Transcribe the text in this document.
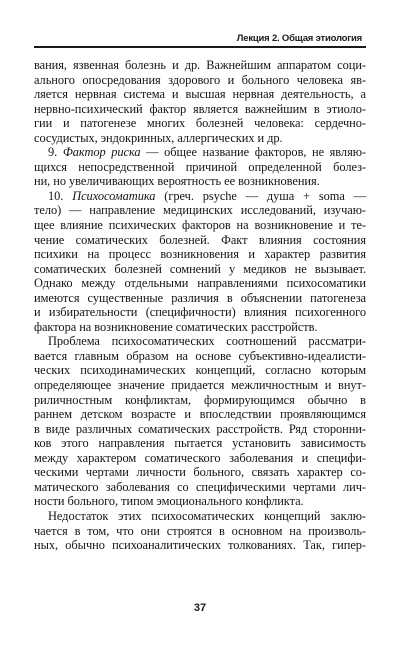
Лекция 2. Общая этиология
вания, язвенная болезнь и др. Важнейшим аппаратом соци-
ального опосредования здорового и больного человека яв-
ляется нервная система и высшая нервная деятельность, а
нервно-психический фактор является важнейшим в этиоло-
гии и патогенезе многих болезней человека: сердечно-
сосудистых, эндокринных, аллергических и др.
9. Фактор риска — общее название факторов, не являю-
щихся непосредственной причиной определенной болез-
ни, но увеличивающих вероятность ее возникновения.
10. Психосоматика (греч. psyche — душа + soma —
тело) — направление медицинских исследований, изучаю-
щее влияние психических факторов на возникновение и те-
чение соматических болезней. Факт влияния состояния
психики на процесс возникновения и характер развития
соматических болезней сомнений у медиков не вызывает.
Однако между отдельными направлениями психосоматики
имеются существенные различия в объяснении патогенеза
и избирательности (специфичности) влияния психогенного
фактора на возникновение соматических расстройств.
Проблема психосоматических соотношений рассматри-
вается главным образом на основе субъективно-идеалисти-
ческих психодинамических концепций, согласно которым
определяющее значение придается межличностным и внут-
риличностным конфликтам, формирующимся обычно в
раннем детском возрасте и впоследствии проявляющимся
в виде различных соматических расстройств. Ряд сторонни-
ков этого направления пытается установить зависимость
между характером соматического заболевания и специфи-
ческими чертами личности больного, связать характер со-
матического заболевания со специфическими чертами лич-
ности больного, типом эмоционального конфликта.
Недостаток этих психосоматических концепций заклю-
чается в том, что они строятся в основном на произволь-
ных, обычно психоаналитических толкованиях. Так, гипер-
37
